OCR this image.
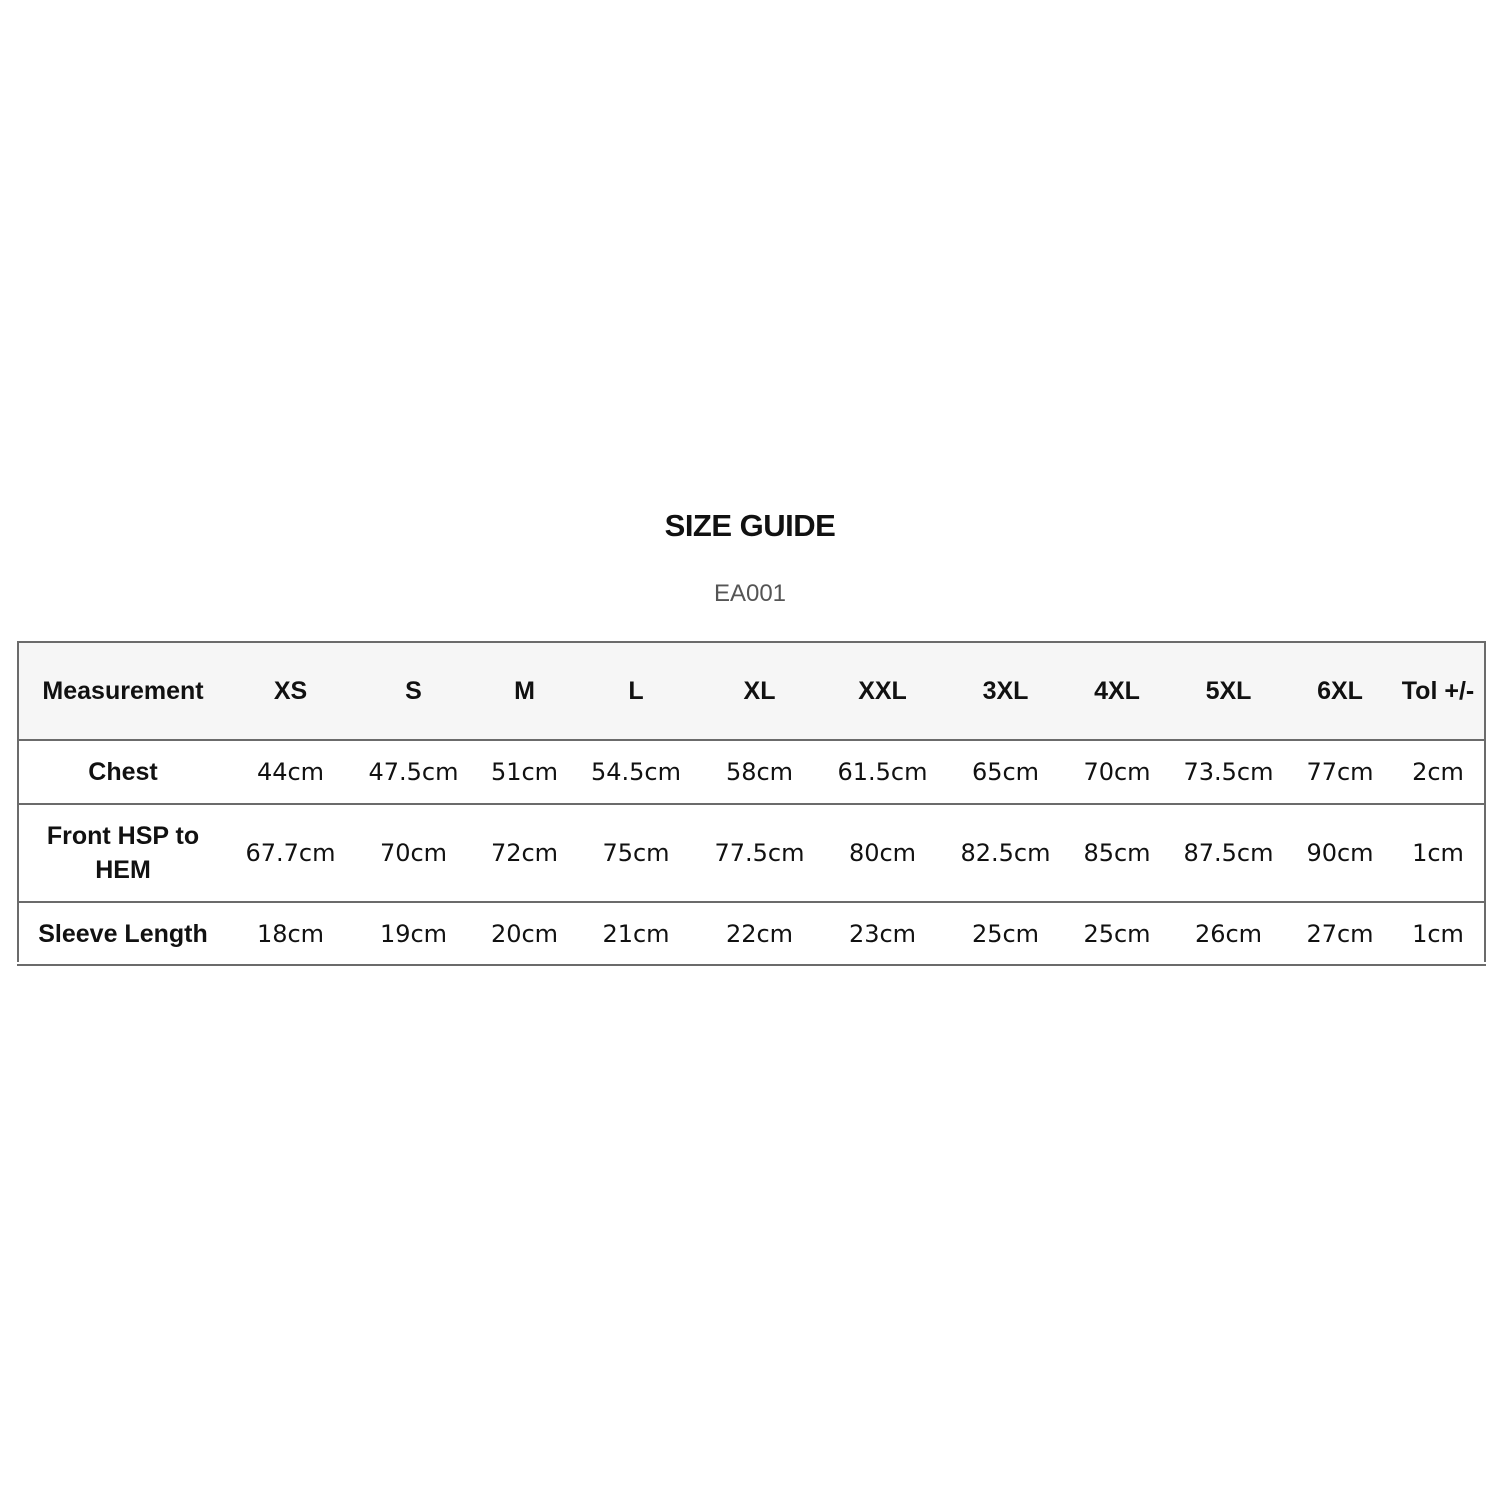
SIZE GUIDE

EA001

Measurement	XS	S	M	L	XL	XXL	3XL	4XL	5XL	6XL	Tol +/-
Chest	44cm	47.5cm	51cm	54.5cm	58cm	61.5cm	65cm	70cm	73.5cm	77cm	2cm
Front HSP to HEM	67.7cm	70cm	72cm	75cm	77.5cm	80cm	82.5cm	85cm	87.5cm	90cm	1cm
Sleeve Length	18cm	19cm	20cm	21cm	22cm	23cm	25cm	25cm	26cm	27cm	1cm
